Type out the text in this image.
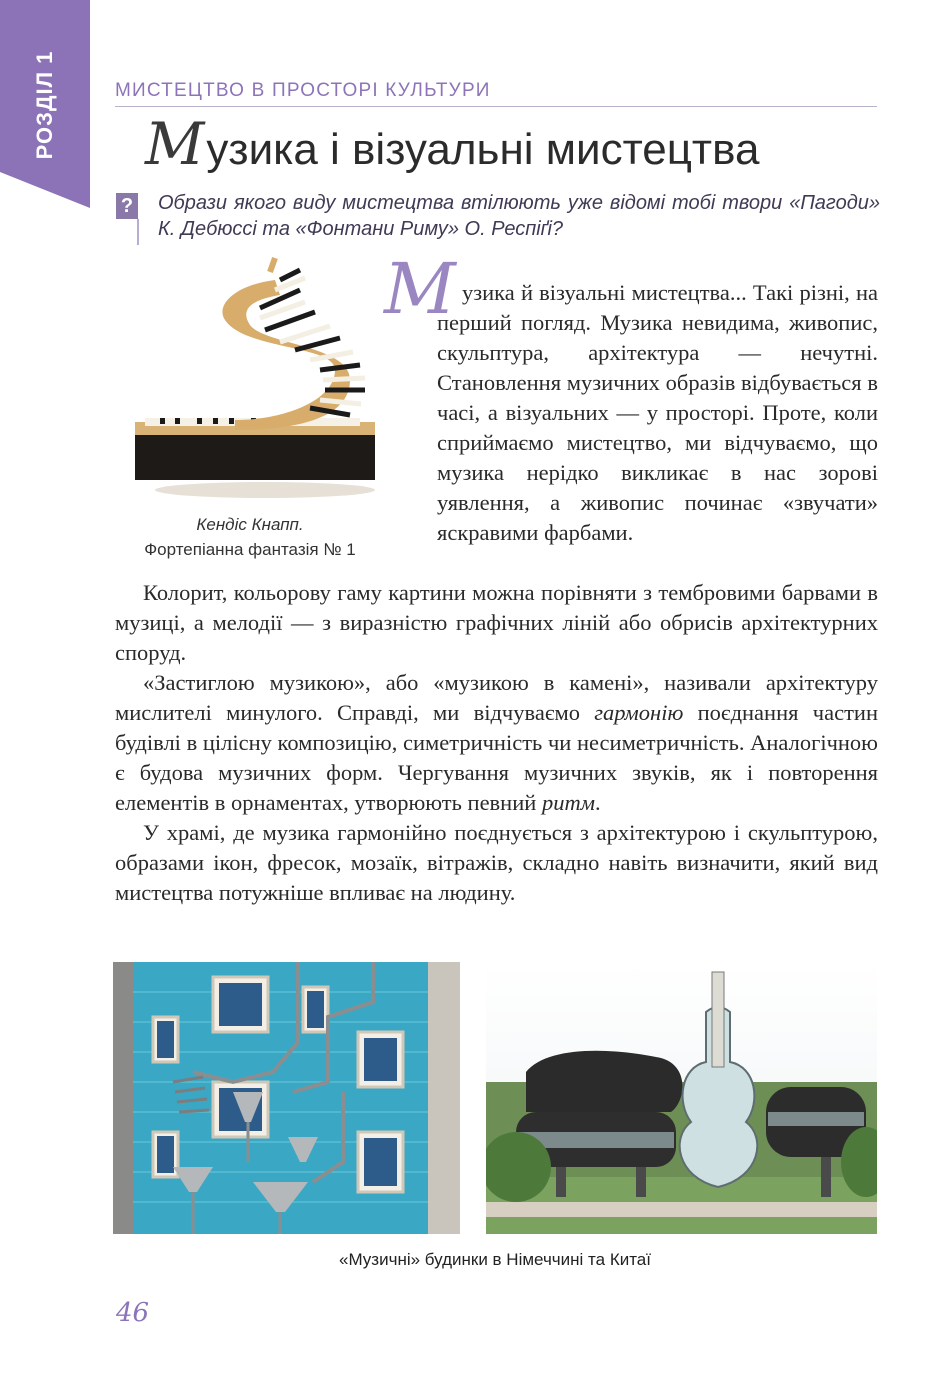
РОЗДІЛ 1	МИСТЕЦТВО В ПРОСТОРІ КУЛЬТУРИ
Музика і візуальні мистецтва
? Образи якого виду мистецтва втілюють уже відомі тобі твори «Пагоди» К. Дебюссі та «Фонтани Риму» О. Респіґі?
Кендіс Кнапп.
Фортепіанна фантазія № 1
М узика й візуальні мистецтва... Такі різні, на перший погляд. Музика невидима, живопис, скульптура, архітектура — нечутні. Становлення музичних образів відбувається в часі, а візуальних — у просторі. Проте, коли сприймаємо мистецтво, ми відчуваємо, що музика нерідко викликає в нас зорові уявлення, а живопис починає «звучати» яскравими фарбами.

Колорит, кольорову гаму картини можна порівняти з тембровими барвами в музиці, а мелодії — з виразністю графічних ліній або обрисів архітектурних споруд.

«Застиглою музикою», або «музикою в камені», називали архітектуру мислителі минулого. Справді, ми відчуваємо гармонію поєднання частин будівлі в цілісну композицію, симетричність чи несиметричність. Аналогічною є будова музичних форм. Чергування музичних звуків, як і повторення елементів в орнаментах, утворюють певний ритм.

У храмі, де музика гармонійно поєднується з архітектурою і скульптурою, образами ікон, фресок, мозаїк, вітражів, складно навіть визначити, який вид мистецтва потужніше впливає на людину.

«Музичні» будинки в Німеччині та Китаї
46
